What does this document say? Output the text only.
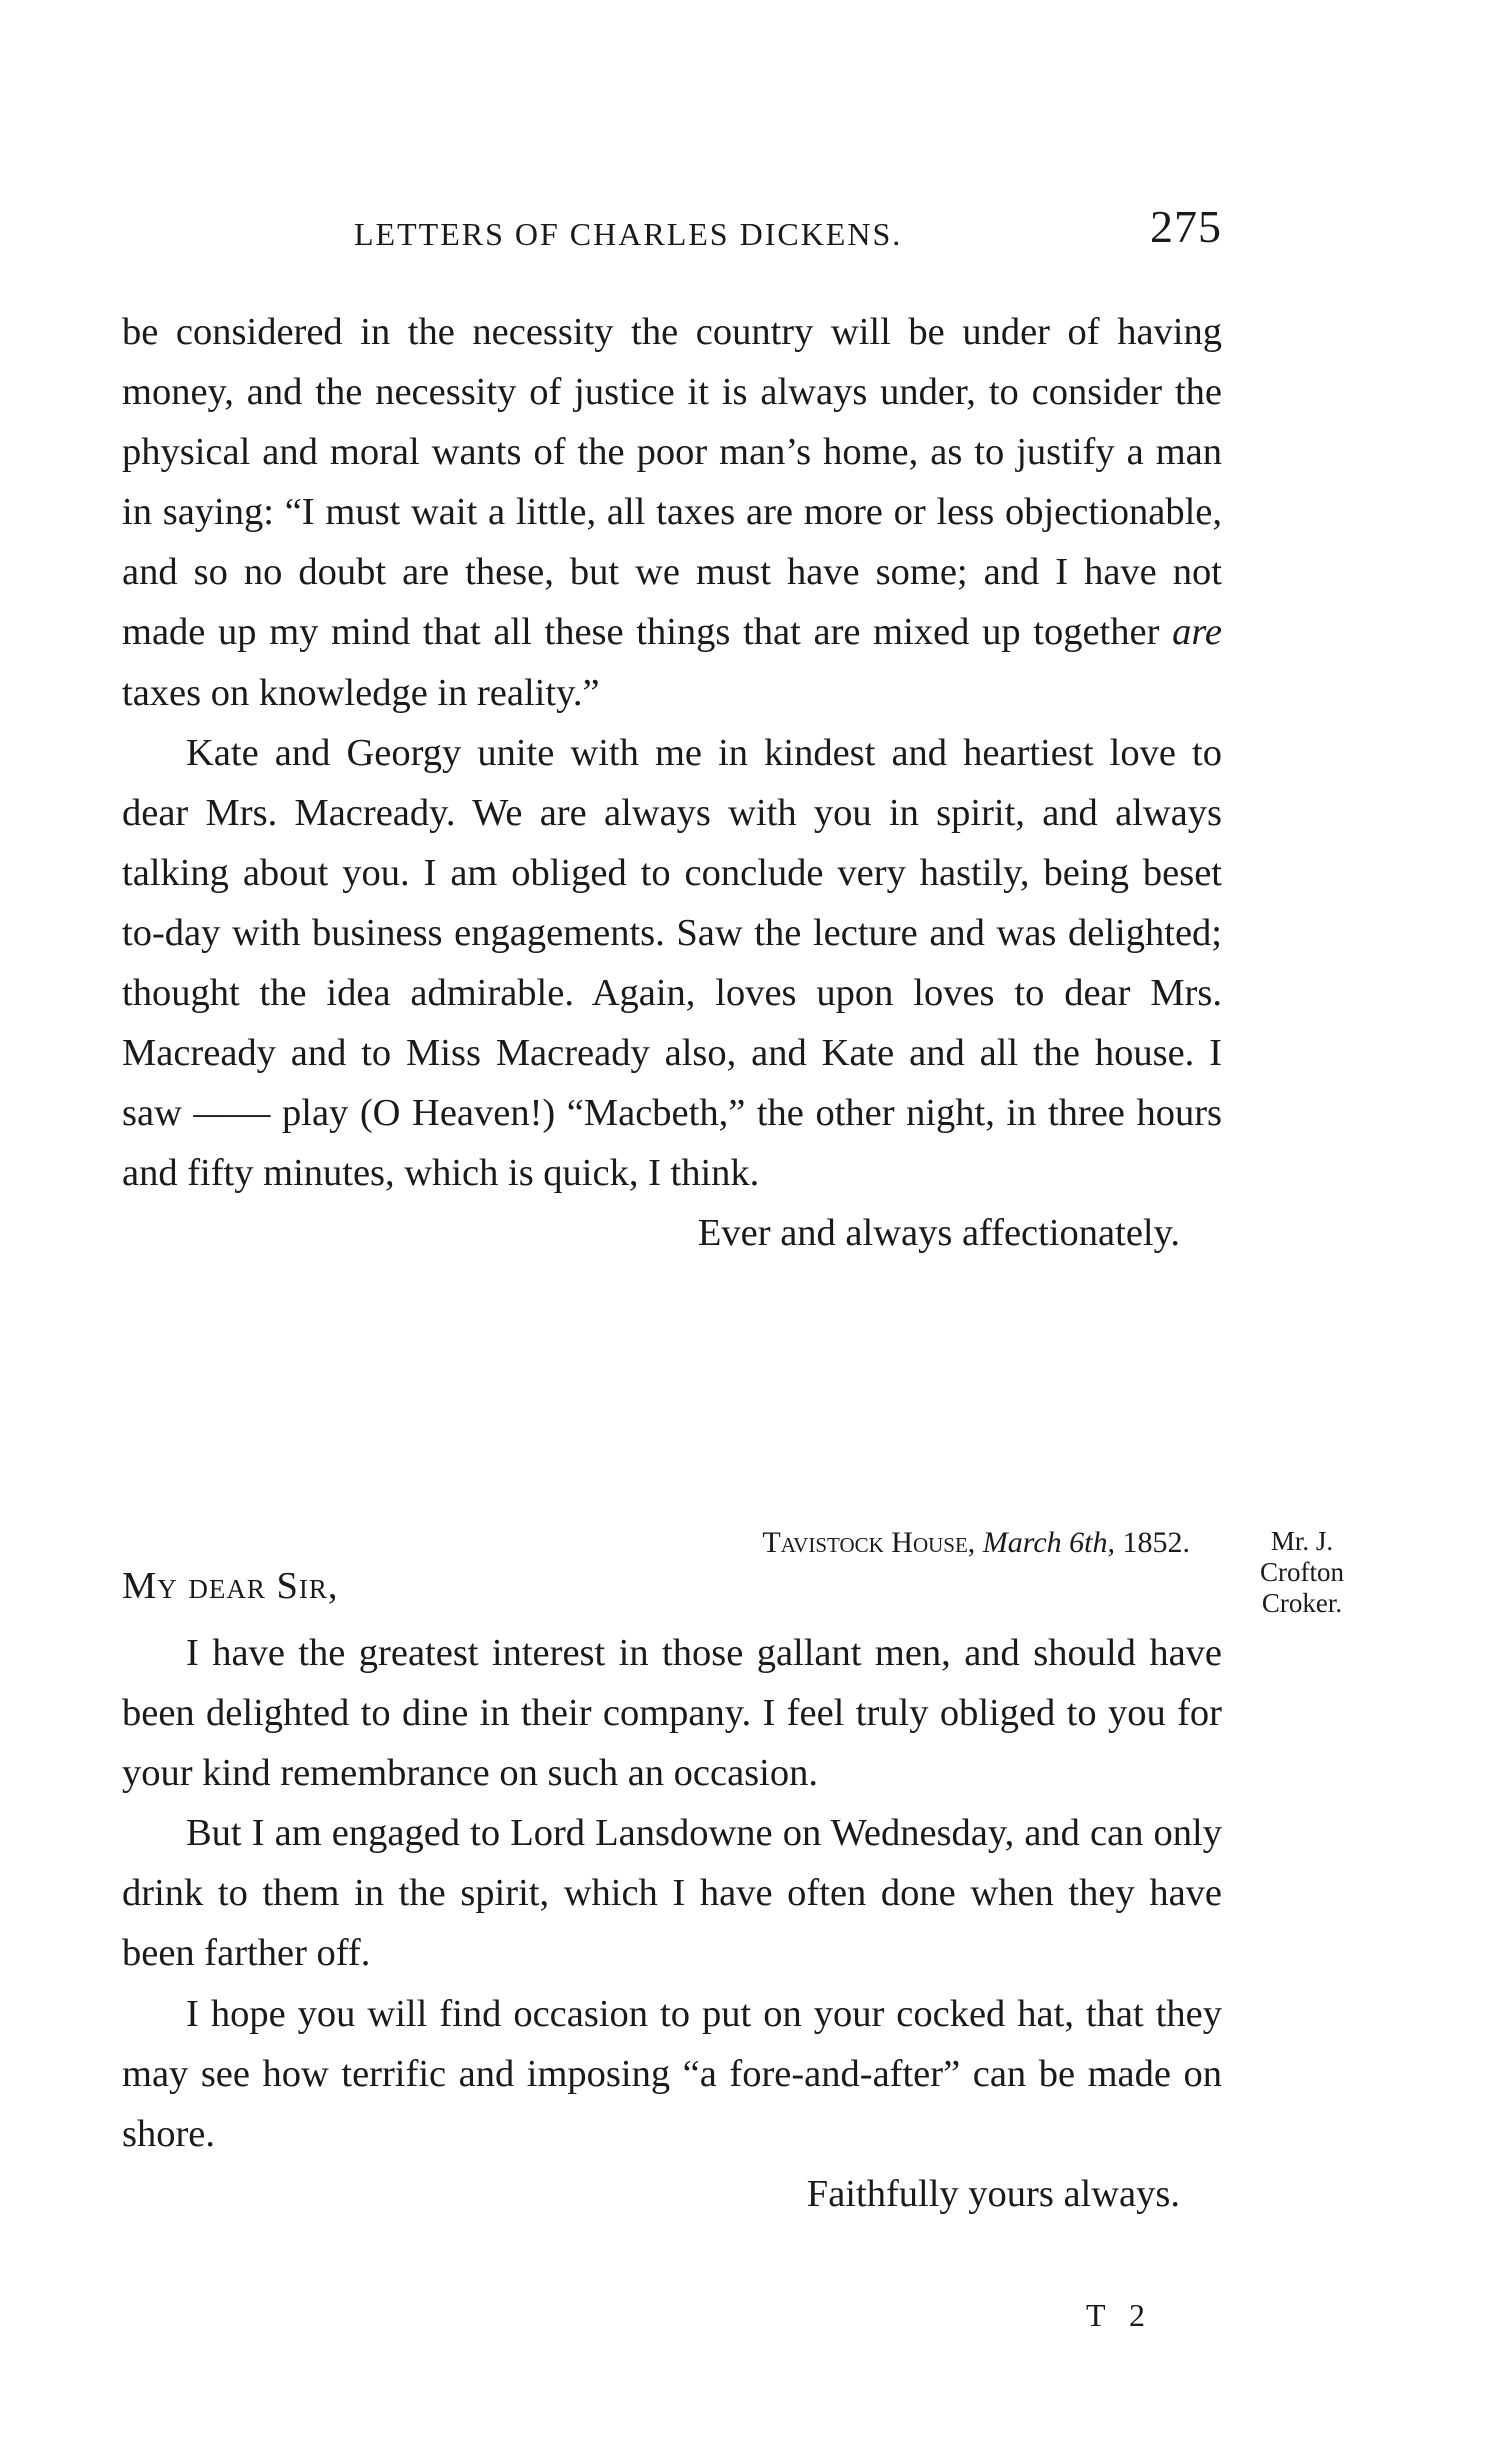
LETTERS OF CHARLES DICKENS.	275

be considered in the necessity the country will be under of having money, and the necessity of justice it is always under, to consider the physical and moral wants of the poor man’s home, as to justify a man in saying: “I must wait a little, all taxes are more or less objectionable, and so no doubt are these, but we must have some; and I have not made up my mind that all these things that are mixed up together are taxes on knowledge in reality.”

Kate and Georgy unite with me in kindest and heartiest love to dear Mrs. Macready. We are always with you in spirit, and always talking about you. I am obliged to conclude very hastily, being beset to-day with business engagements. Saw the lecture and was delighted; thought the idea admirable. Again, loves upon loves to dear Mrs. Macready and to Miss Macready also, and Kate and all the house. I saw —— play (O Heaven!) “Macbeth,” the other night, in three hours and fifty minutes, which is quick, I think.

Ever and always affectionately.

Tavistock House, March 6th, 1852.	Mr. J. Crofton Croker.
My dear Sir,

I have the greatest interest in those gallant men, and should have been delighted to dine in their company. I feel truly obliged to you for your kind remembrance on such an occasion.

But I am engaged to Lord Lansdowne on Wednesday, and can only drink to them in the spirit, which I have often done when they have been farther off.

I hope you will find occasion to put on your cocked hat, that they may see how terrific and imposing “a fore-and-after” can be made on shore.

Faithfully yours always.

T 2
